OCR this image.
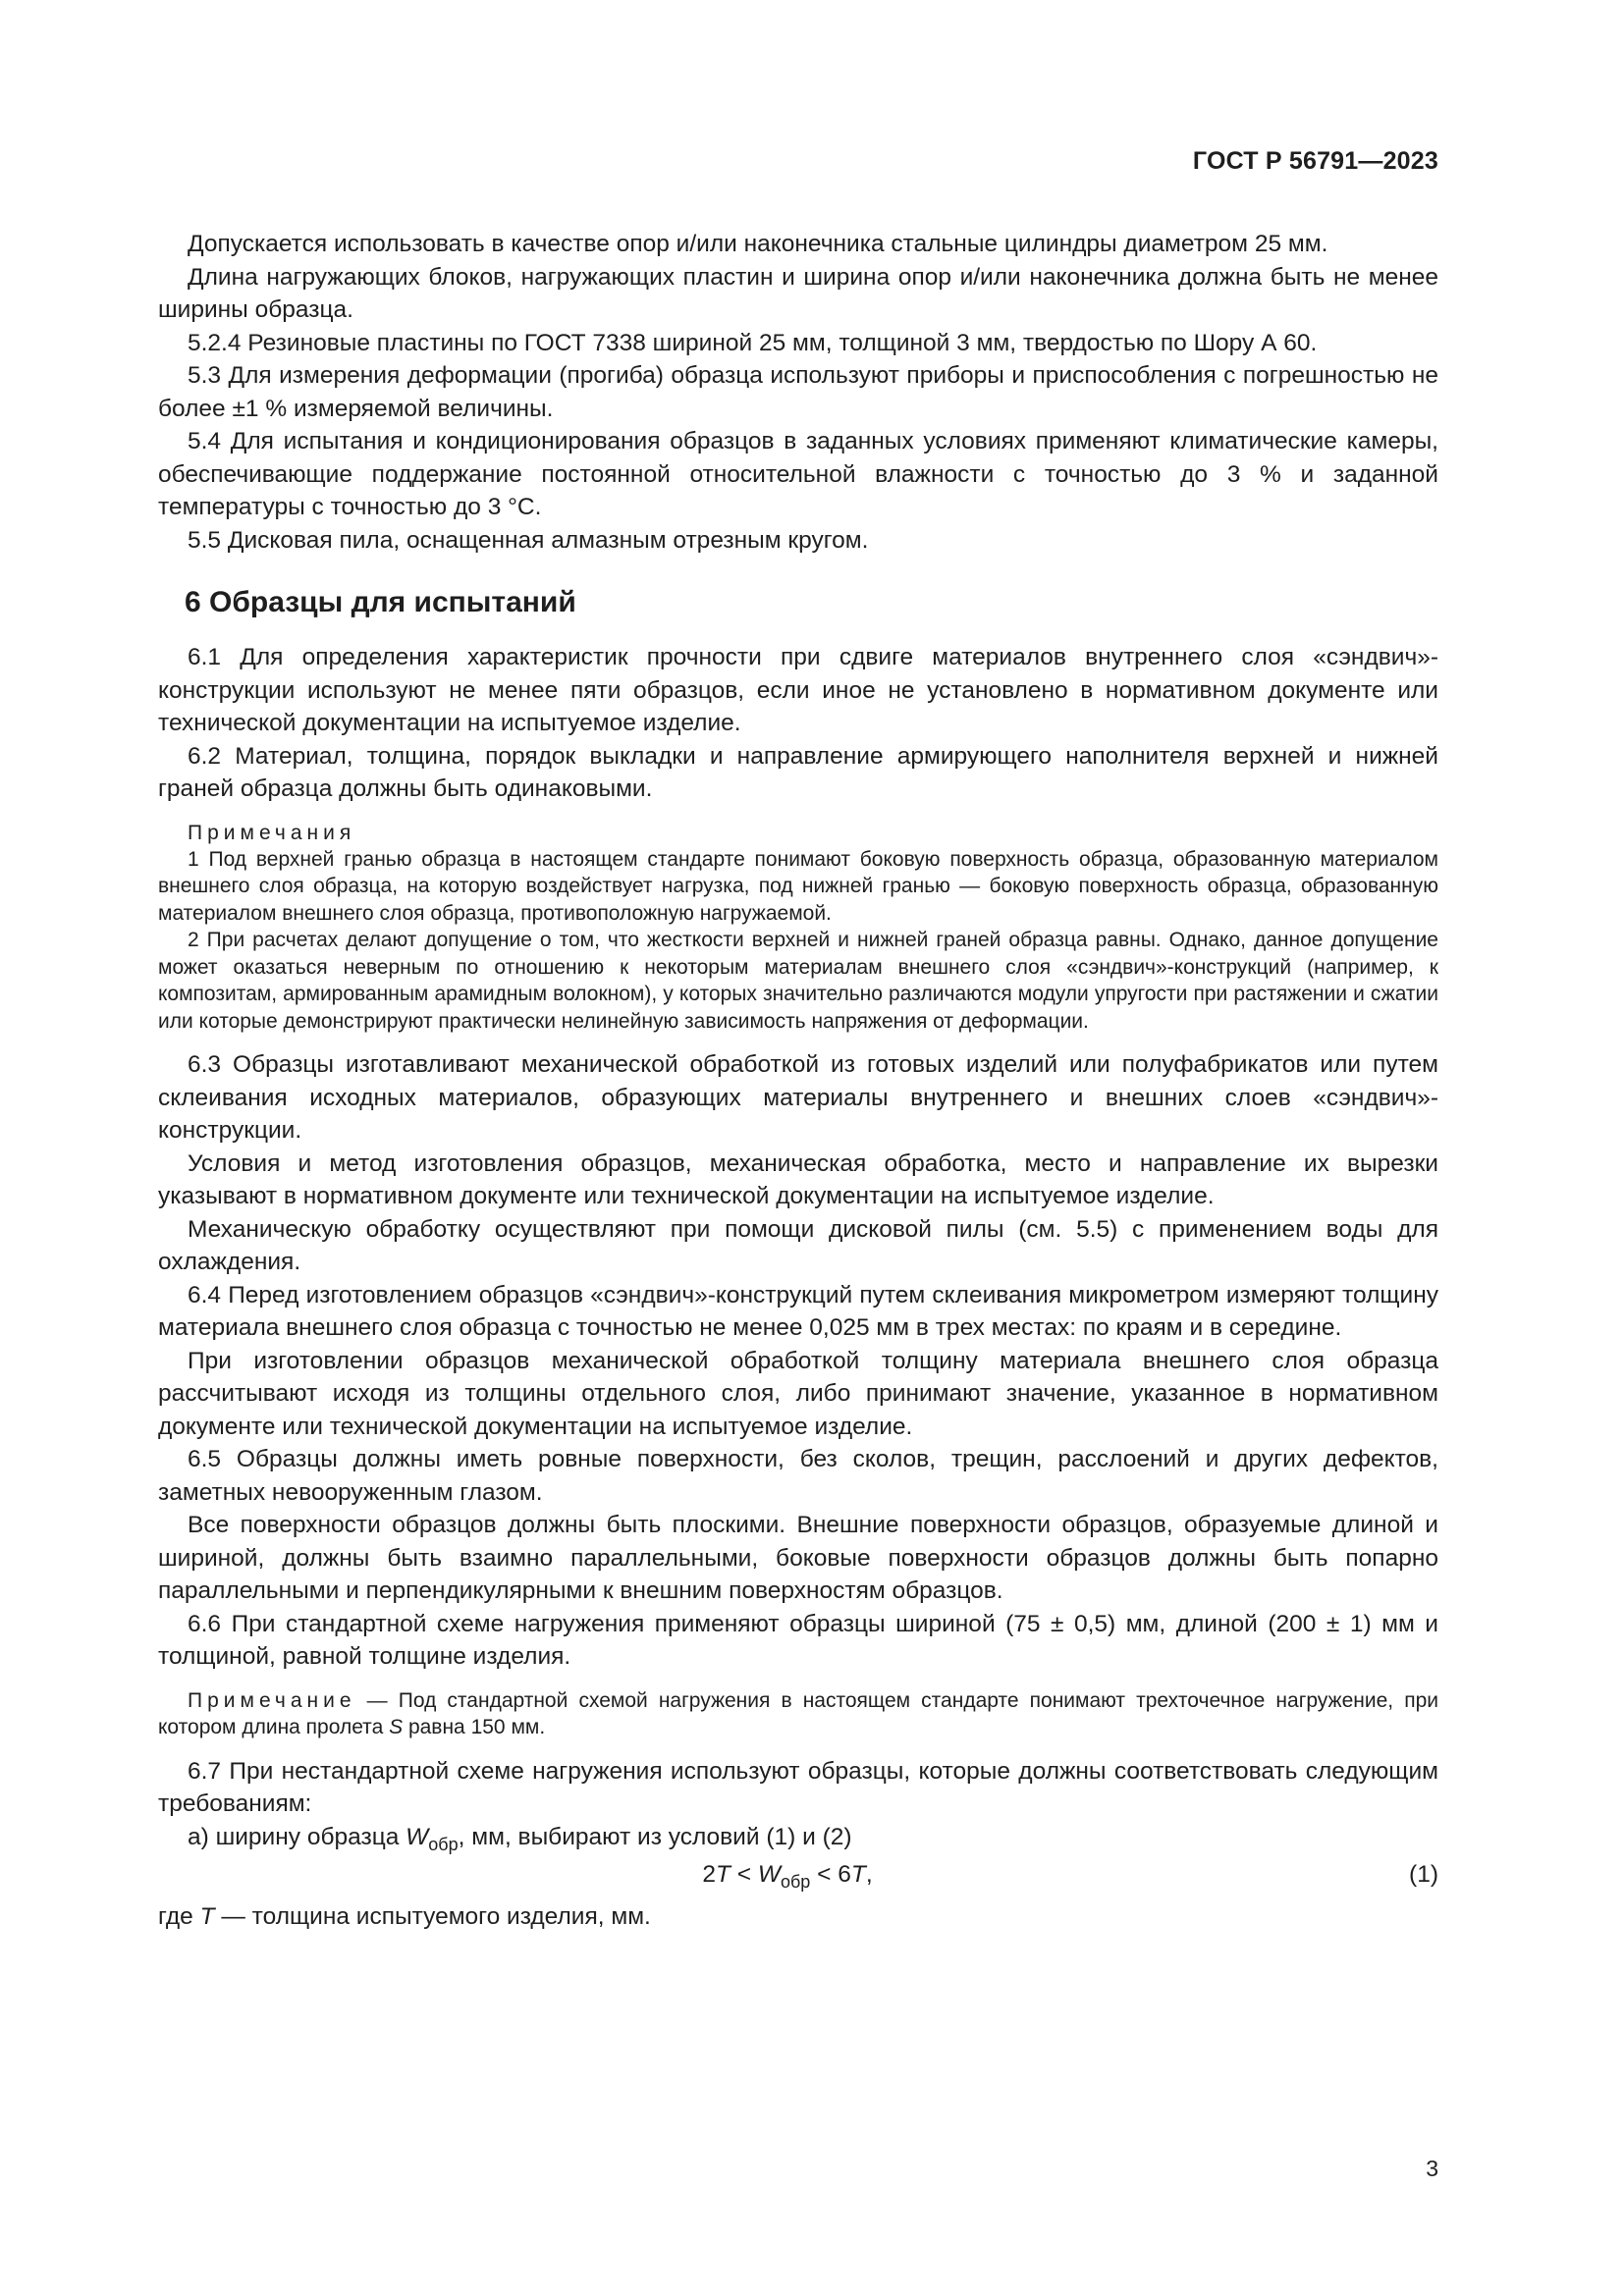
ГОСТ Р 56791—2023

Допускается использовать в качестве опор и/или наконечника стальные цилиндры диаметром 25 мм.

Длина нагружающих блоков, нагружающих пластин и ширина опор и/или наконечника должна быть не менее ширины образца.

5.2.4 Резиновые пластины по ГОСТ 7338 шириной 25 мм, толщиной 3 мм, твердостью по Шору А 60.

5.3 Для измерения деформации (прогиба) образца используют приборы и приспособления с погрешностью не более ±1 % измеряемой величины.

5.4 Для испытания и кондиционирования образцов в заданных условиях применяют климатические камеры, обеспечивающие поддержание постоянной относительной влажности с точностью до 3 % и заданной температуры с точностью до 3 °С.

5.5 Дисковая пила, оснащенная алмазным отрезным кругом.

6 Образцы для испытаний

6.1 Для определения характеристик прочности при сдвиге материалов внутреннего слоя «сэндвич»-конструкции используют не менее пяти образцов, если иное не установлено в нормативном документе или технической документации на испытуемое изделие.

6.2 Материал, толщина, порядок выкладки и направление армирующего наполнителя верхней и нижней граней образца должны быть одинаковыми.

Примечания

1 Под верхней гранью образца в настоящем стандарте понимают боковую поверхность образца, образованную материалом внешнего слоя образца, на которую воздействует нагрузка, под нижней гранью — боковую поверхность образца, образованную материалом внешнего слоя образца, противоположную нагружаемой.

2 При расчетах делают допущение о том, что жесткости верхней и нижней граней образца равны. Однако, данное допущение может оказаться неверным по отношению к некоторым материалам внешнего слоя «сэндвич»-конструкций (например, к композитам, армированным арамидным волокном), у которых значительно различаются модули упругости при растяжении и сжатии или которые демонстрируют практически нелинейную зависимость напряжения от деформации.

6.3 Образцы изготавливают механической обработкой из готовых изделий или полуфабрикатов или путем склеивания исходных материалов, образующих материалы внутреннего и внешних слоев «сэндвич»-конструкции.

Условия и метод изготовления образцов, механическая обработка, место и направление их вырезки указывают в нормативном документе или технической документации на испытуемое изделие.

Механическую обработку осуществляют при помощи дисковой пилы (см. 5.5) с применением воды для охлаждения.

6.4 Перед изготовлением образцов «сэндвич»-конструкций путем склеивания микрометром измеряют толщину материала внешнего слоя образца с точностью не менее 0,025 мм в трех местах: по краям и в середине.

При изготовлении образцов механической обработкой толщину материала внешнего слоя образца рассчитывают исходя из толщины отдельного слоя, либо принимают значение, указанное в нормативном документе или технической документации на испытуемое изделие.

6.5 Образцы должны иметь ровные поверхности, без сколов, трещин, расслоений и других дефектов, заметных невооруженным глазом.

Все поверхности образцов должны быть плоскими. Внешние поверхности образцов, образуемые длиной и шириной, должны быть взаимно параллельными, боковые поверхности образцов должны быть попарно параллельными и перпендикулярными к внешним поверхностям образцов.

6.6 При стандартной схеме нагружения применяют образцы шириной (75 ± 0,5) мм, длиной (200 ± 1) мм и толщиной, равной толщине изделия.

Примечание — Под стандартной схемой нагружения в настоящем стандарте понимают трехточечное нагружение, при котором длина пролета S равна 150 мм.

6.7 При нестандартной схеме нагружения используют образцы, которые должны соответствовать следующим требованиям:

а) ширину образца $W_{обр}$, мм, выбирают из условий (1) и (2)

$2T < W_{обр} < 6T$,	(1)

где T — толщина испытуемого изделия, мм.

3
